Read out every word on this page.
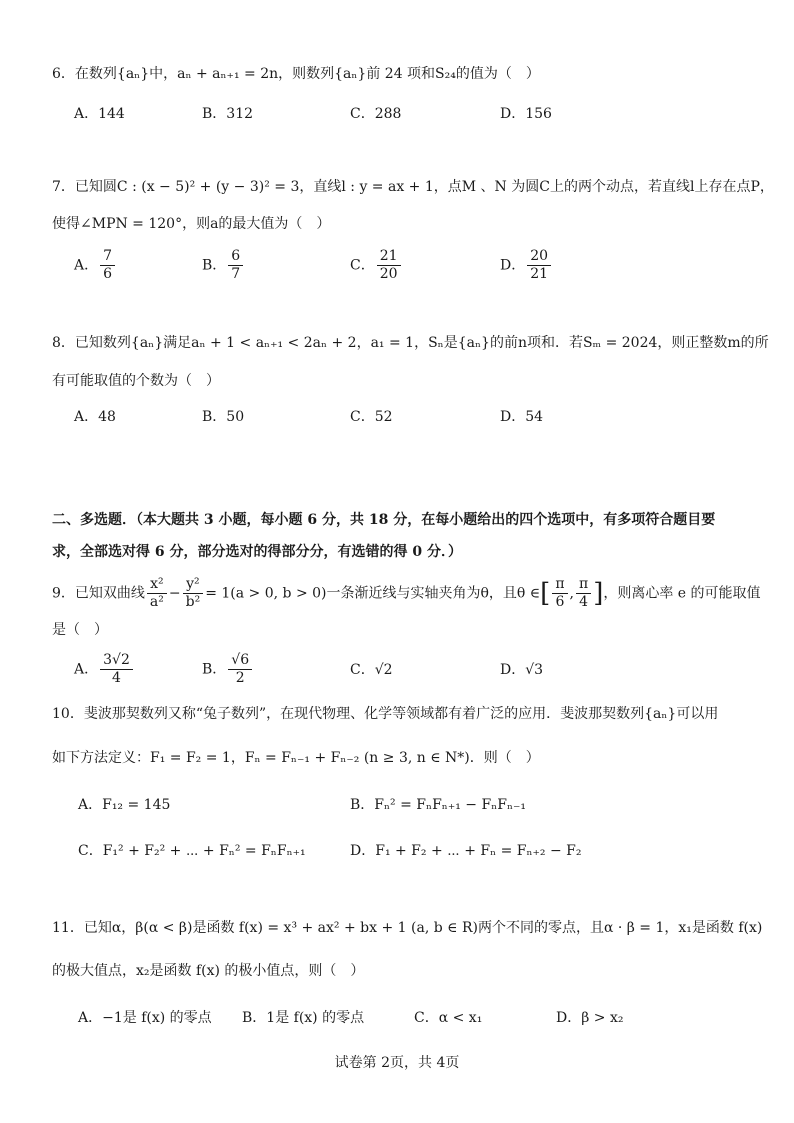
6．在数列{aₙ}中，aₙ + aₙ₊₁ = 2n，则数列{aₙ}前 24 项和S₂₄的值为（　）
A．144	B．312	C．288	D．156
7．已知圆C : (x − 5)² + (y − 3)² = 3，直线l : y = ax + 1，点M 、N 为圆C上的两个动点，若直线l上存在点P，
使得∠MPN = 120°，则a的最大值为（　）
A． $\frac{7}{6}$	B． $\frac{6}{7}$	C． $\frac{21}{20}$	D． $\frac{20}{21}$
8．已知数列{aₙ}满足aₙ + 1 < aₙ₊₁ < 2aₙ + 2，a₁ = 1，Sₙ是{aₙ}的前n项和．若Sₘ = 2024，则正整数m的所
有可能取值的个数为（　）
A．48	B．50	C．52	D．54
二、多选题．（本大题共 3 小题，每小题 6 分，共 18 分，在每小题给出的四个选项中，有多项符合题目要
求，全部选对得 6 分，部分选对的得部分分，有选错的得 0 分．）
9．已知双曲线 $\frac{\text{x²}}{\text{a²}} - \frac{\text{y²}}{\text{b²}} = 1(a > 0$, b > 0)一条渐近线与实轴夹角为θ，且θ ∈[ $\frac{\pi}{6}$ , $\frac{\pi}{4}$ ]，则离心率 e 的可能取值
是（　）
A． $\frac{3√2}{4}$	B． $\frac{√6}{2}$	C．√2	D．√3
10．斐波那契数列又称“兔子数列”，在现代物理、化学等领域都有着广泛的应用．斐波那契数列{aₙ}可以用
如下方法定义：F₁ = F₂ = 1，Fₙ = Fₙ₋₁ + Fₙ₋₂ (n ≥ 3, n ∈ N*)．则（　）
A．F₁₂ = 145	B．Fₙ² = FₙFₙ₊₁ − FₙFₙ₋₁
C．F₁² + F₂² + ⋯ + Fₙ² = FₙFₙ₊₁	D．F₁ + F₂ + ⋯ + Fₙ = Fₙ₊₂ − F₂
11．已知α，β(α < β)是函数 f(x) = x³ + ax² + bx + 1 (a, b ∈ R)两个不同的零点，且α · β = 1，x₁是函数 f(x)
的极大值点，x₂是函数 f(x) 的极小值点，则（　）
A．−1是 f(x) 的零点 B．1是 f(x) 的零点	C．α < x₁	D．β > x₂
试卷第 2页，共 4页
